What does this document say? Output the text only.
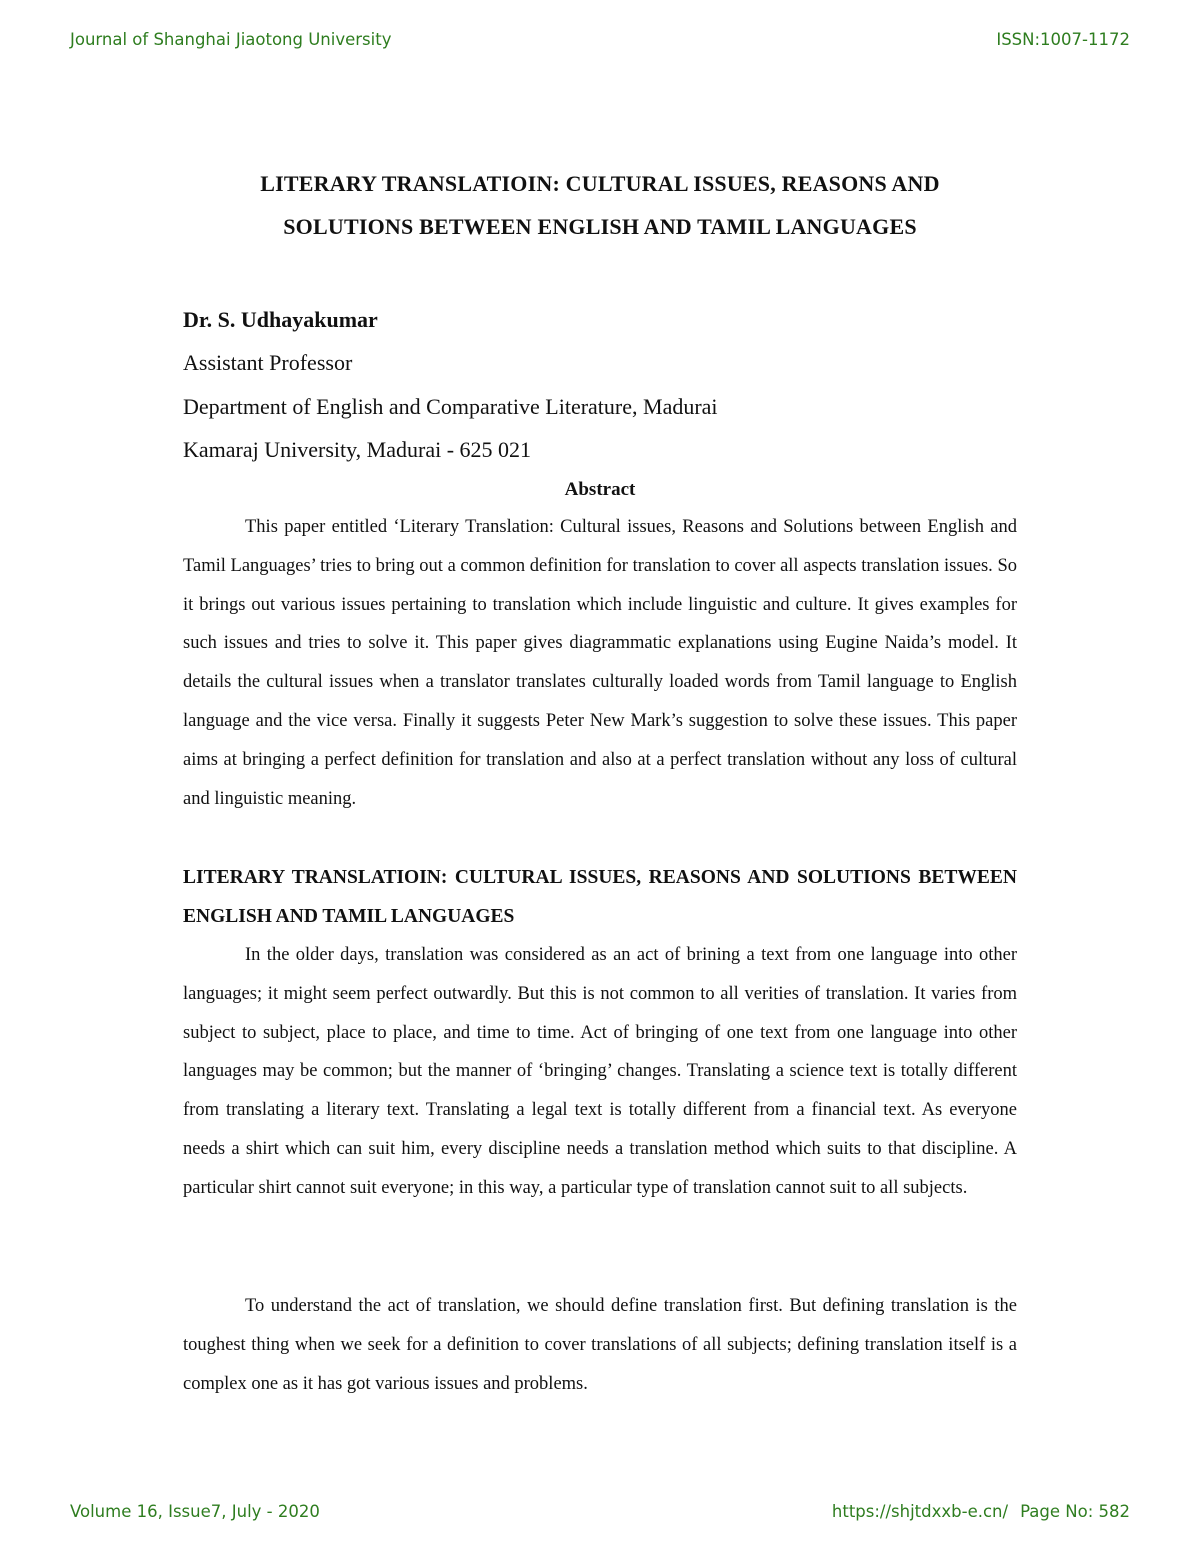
Journal of Shanghai Jiaotong University	ISSN:1007-1172
LITERARY TRANSLATIOIN: CULTURAL ISSUES, REASONS AND
SOLUTIONS BETWEEN ENGLISH AND TAMIL LANGUAGES
Dr. S. Udhayakumar
Assistant Professor
Department of English and Comparative Literature, Madurai
Kamaraj University, Madurai - 625 021
Abstract

This paper entitled ‘Literary Translation: Cultural issues, Reasons and Solutions between English and Tamil Languages’ tries to bring out a common definition for translation to cover all aspects translation issues. So it brings out various issues pertaining to translation which include linguistic and culture. It gives examples for such issues and tries to solve it. This paper gives diagrammatic explanations using Eugine Naida’s model. It details the cultural issues when a translator translates culturally loaded words from Tamil language to English language and the vice versa. Finally it suggests Peter New Mark’s suggestion to solve these issues. This paper aims at bringing a perfect definition for translation and also at a perfect translation without any loss of cultural and linguistic meaning.

LITERARY TRANSLATIOIN: CULTURAL ISSUES, REASONS AND SOLUTIONS BETWEEN ENGLISH AND TAMIL LANGUAGES

In the older days, translation was considered as an act of brining a text from one language into other languages; it might seem perfect outwardly. But this is not common to all verities of translation. It varies from subject to subject, place to place, and time to time. Act of bringing of one text from one language into other languages may be common; but the manner of ‘bringing’ changes. Translating a science text is totally different from translating a literary text. Translating a legal text is totally different from a financial text. As everyone needs a shirt which can suit him, every discipline needs a translation method which suits to that discipline. A particular shirt cannot suit everyone; in this way, a particular type of translation cannot suit to all subjects.

To understand the act of translation, we should define translation first. But defining translation is the toughest thing when we seek for a definition to cover translations of all subjects; defining translation itself is a complex one as it has got various issues and problems.

Volume 16, Issue7, July - 2020	https://shjtdxxb-e.cn/ Page No: 582
